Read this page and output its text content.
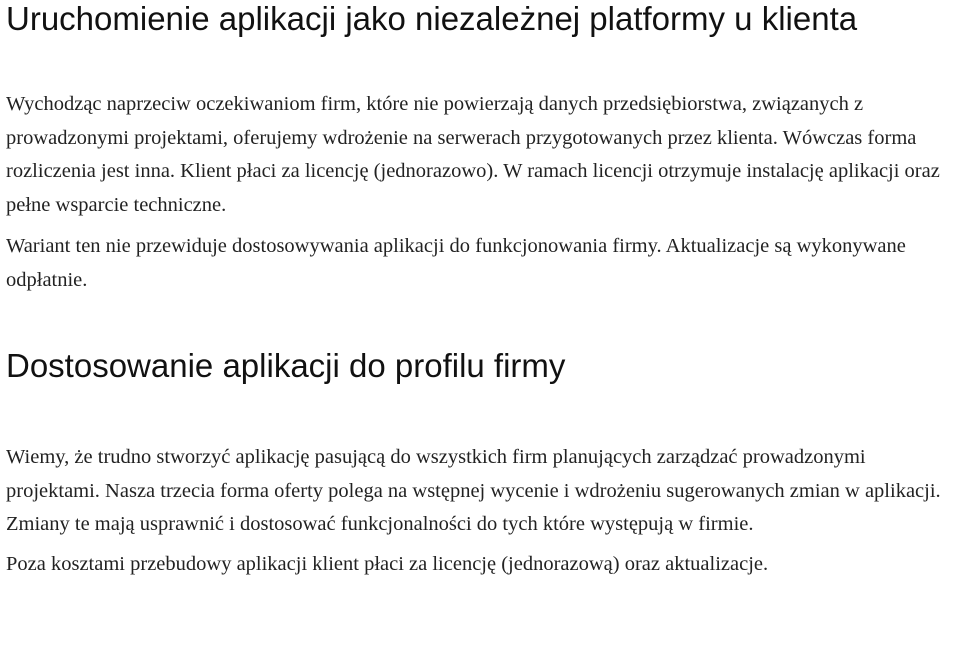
Uruchomienie aplikacji jako niezależnej platformy u klienta

Wychodząc naprzeciw oczekiwaniom firm, które nie powierzają danych przedsiębiorstwa, związanych z prowadzonymi projektami, oferujemy wdrożenie na serwerach przygotowanych przez klienta. Wówczas forma rozliczenia jest inna. Klient płaci za licencję (jednorazowo). W ramach licencji otrzymuje instalację aplikacji oraz pełne wsparcie techniczne.

Wariant ten nie przewiduje dostosowywania aplikacji do funkcjonowania firmy. Aktualizacje są wykonywane odpłatnie.

Dostosowanie aplikacji do profilu firmy

Wiemy, że trudno stworzyć aplikację pasującą do wszystkich firm planujących zarządzać prowadzonymi projektami. Nasza trzecia forma oferty polega na wstępnej wycenie i wdrożeniu sugerowanych zmian w aplikacji. Zmiany te mają usprawnić i dostosować funkcjonalności do tych które występują w firmie.

Poza kosztami przebudowy aplikacji klient płaci za licencję (jednorazową) oraz aktualizacje.
